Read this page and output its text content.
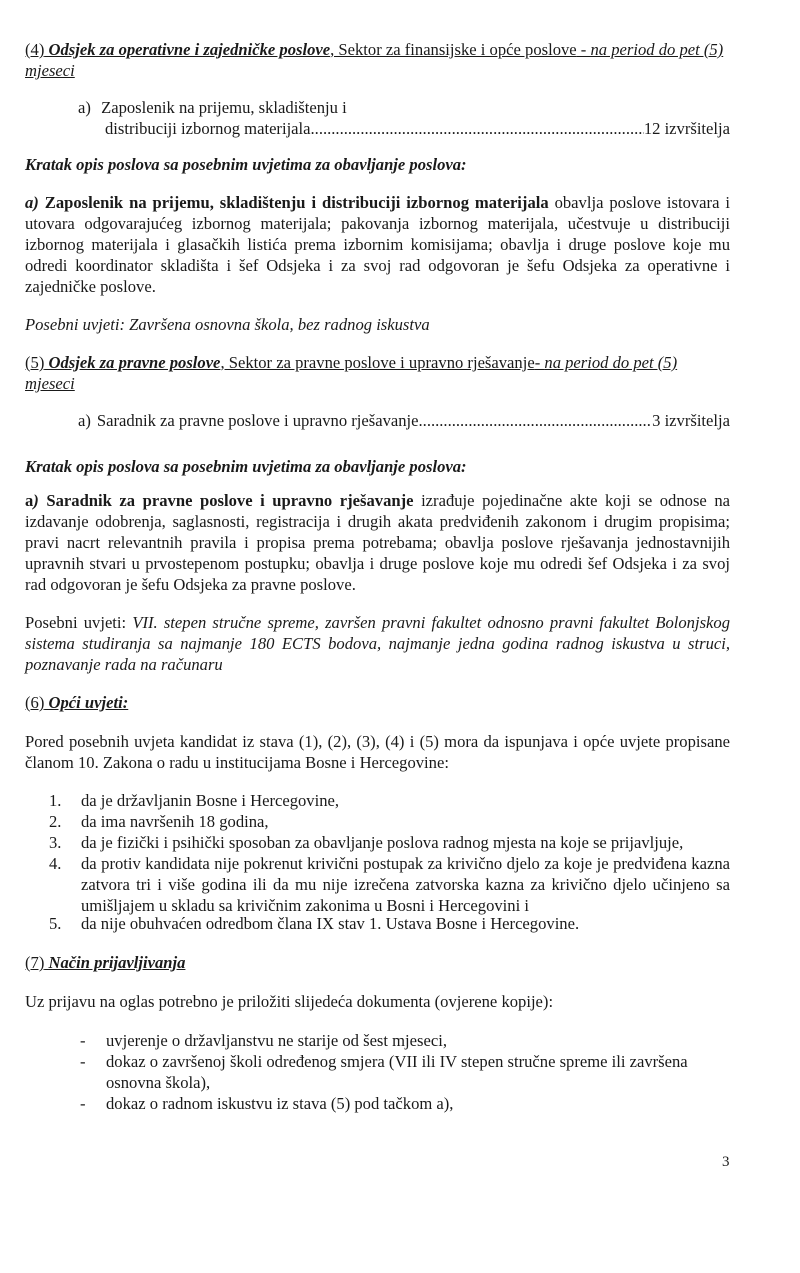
(4) Odsjek za operativne i zajedničke poslove, Sektor za finansijske i opće poslove - na period do pet (5) mjeseci
a) Zaposlenik na prijemu, skladištenju i
distribuciji izbornog materijala .....	12 izvršitelja
Kratak opis poslova sa posebnim uvjetima za obavljanje poslova:
a) Zaposlenik na prijemu, skladištenju i distribuciji izbornog materijala obavlja poslove istovara i utovara odgovarajućeg izbornog materijala; pakovanja izbornog materijala, učestvuje u distribuciji izbornog materijala i glasačkih listića prema izbornim komisijama; obavlja i druge poslove koje mu odredi koordinator skladišta i šef Odsjeka i za svoj rad odgovoran je šefu Odsjeka za operativne i zajedničke poslove.
Posebni uvjeti: Završena osnovna škola, bez radnog iskustva
(5) Odsjek za pravne poslove, Sektor za pravne poslove i upravno rješavanje- na period do pet (5) mjeseci
a) Saradnik za pravne poslove i upravno rješavanje .....	3 izvršitelja
Kratak opis poslova sa posebnim uvjetima za obavljanje poslova:
a) Saradnik za pravne poslove i upravno rješavanje izrađuje pojedinačne akte koji se odnose na izdavanje odobrenja, saglasnosti, registracija i drugih akata predviđenih zakonom i drugim propisima; pravi nacrt relevantnih pravila i propisa prema potrebama; obavlja poslove rješavanja jednostavnijih upravnih stvari u prvostepenom postupku; obavlja i druge poslove koje mu odredi šef Odsjeka i za svoj rad odgovoran je šefu Odsjeka za pravne poslove.
Posebni uvjeti: VII. stepen stručne spreme, završen pravni fakultet odnosno pravni fakultet Bolonjskog sistema studiranja sa najmanje 180 ECTS bodova, najmanje jedna godina radnog iskustva u struci, poznavanje rada na računaru
(6) Opći uvjeti:
Pored posebnih uvjeta kandidat iz stava (1), (2), (3), (4) i (5) mora da ispunjava i opće uvjete propisane članom 10. Zakona o radu u institucijama Bosne i Hercegovine:
1.	da je državljanin Bosne i Hercegovine,
2.	da ima navršenih 18 godina,
3.	da je fizički i psihički sposoban za obavljanje poslova radnog mjesta na koje se prijavljuje,
4.	da protiv kandidata nije pokrenut krivični postupak za krivično djelo za koje je predviđena kazna zatvora tri i više godina ili da mu nije izrečena zatvorska kazna za krivično djelo učinjeno sa umišljajem u skladu sa krivičnim zakonima u Bosni i Hercegovini i
5.	da nije obuhvaćen odredbom člana IX stav 1. Ustava Bosne i Hercegovine.
(7) Način prijavljivanja
Uz prijavu na oglas potrebno je priložiti slijedeća dokumenta (ovjerene kopije):
- uvjerenje o državljanstvu ne starije od šest mjeseci,
- dokaz o završenoj školi određenog smjera (VII ili IV stepen stručne spreme ili završena osnovna škola),
- dokaz o radnom iskustvu iz stava (5) pod tačkom a),
3
